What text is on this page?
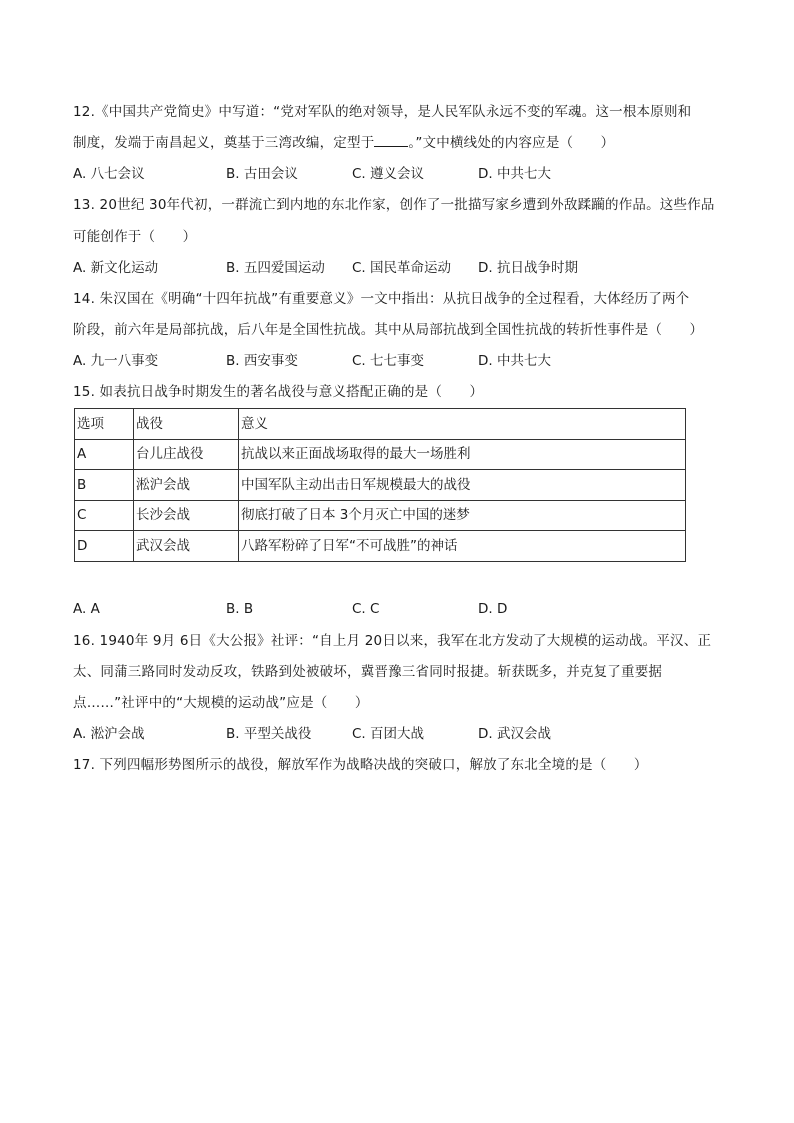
12.《中国共产党简史》中写道：“党对军队的绝对领导，是人民军队永远不变的军魂。这一根本原则和
制度，发端于南昌起义，奠基于三湾改编，定型于	。”文中横线处的内容应是（　　）
A. 八七会议	B. 古田会议	C. 遵义会议	D. 中共七大
13. 20世纪 30年代初，一群流亡到内地的东北作家，创作了一批描写家乡遭到外敌蹂躏的作品。这些作品
可能创作于（　　）
A. 新文化运动	B. 五四爱国运动 C. 国民革命运动 D. 抗日战争时期
14. 朱汉国在《明确“十四年抗战”有重要意义》一文中指出：从抗日战争的全过程看，大体经历了两个
阶段，前六年是局部抗战，后八年是全国性抗战。其中从局部抗战到全国性抗战的转折性事件是（　　）
A. 九一八事变	B. 西安事变	C. 七七事变	D. 中共七大
15. 如表抗日战争时期发生的著名战役与意义搭配正确的是（　　）
选项	战役	意义
A	台儿庄战役	抗战以来正面战场取得的最大一场胜利
B	淞沪会战	中国军队主动出击日军规模最大的战役
C	长沙会战	彻底打破了日本 3个月灭亡中国的迷梦
D	武汉会战	八路军粉碎了日军“不可战胜”的神话
A. A	B. B	C. C	D. D
16. 1940年 9月 6日《大公报》社评：“自上月 20日以来，我军在北方发动了大规模的运动战。平汉、正
太、同蒲三路同时发动反攻，铁路到处被破坏，冀晋豫三省同时报捷。斩获既多，并克复了重要据
点……”社评中的“大规模的运动战”应是（　　）
A. 淞沪会战	B. 平型关战役	C. 百团大战	D. 武汉会战
17. 下列四幅形势图所示的战役，解放军作为战略决战的突破口，解放了东北全境的是（　　）
